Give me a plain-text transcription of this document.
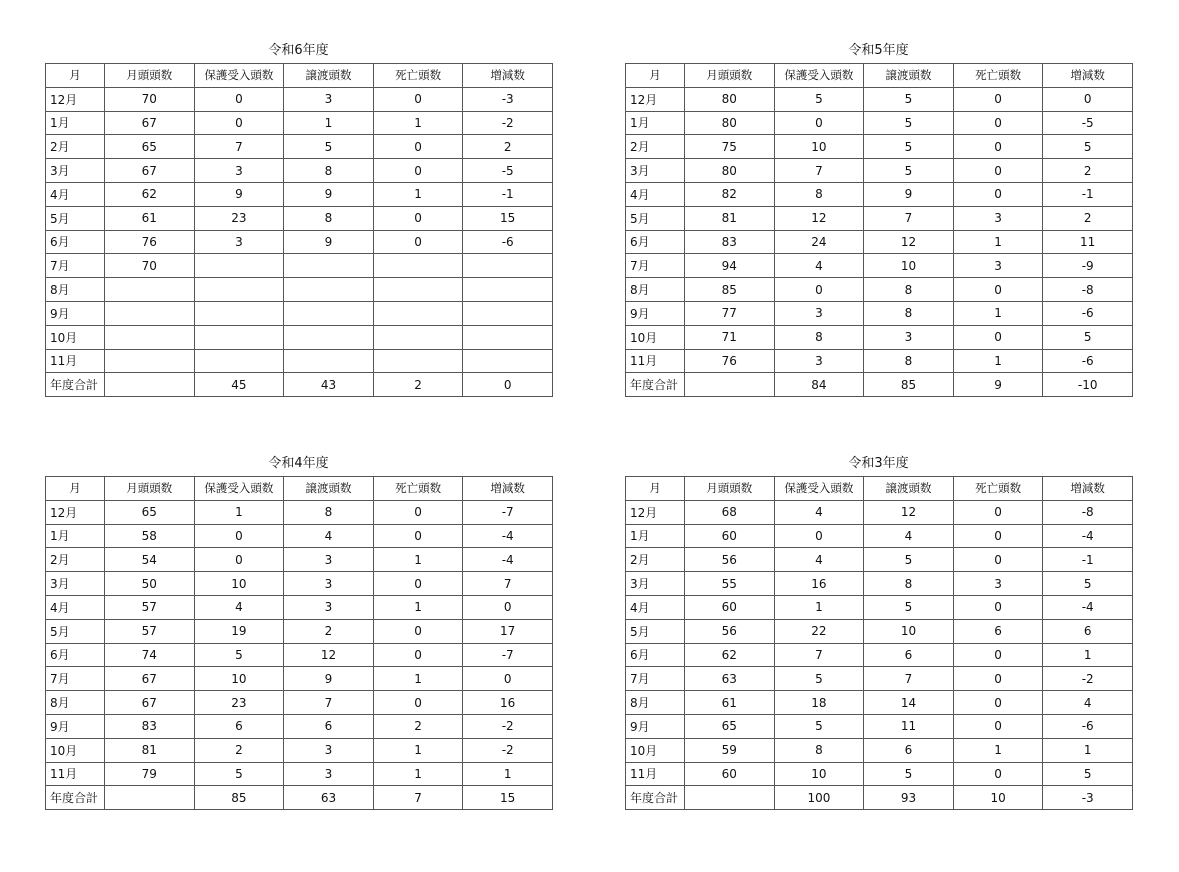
令和6年度
月	月頭頭数	保護受入頭数	譲渡頭数	死亡頭数	増減数
12月	70	0	3	0	-3
1月	67	0	1	1	-2
2月	65	7	5	0	2
3月	67	3	8	0	-5
4月	62	9	9	1	-1
5月	61	23	8	0	15
6月	76	3	9	0	-6
7月	70				
8月					
9月					
10月					
11月					
年度合計		45	43	2	0
令和5年度
月	月頭頭数	保護受入頭数	譲渡頭数	死亡頭数	増減数
12月	80	5	5	0	0
1月	80	0	5	0	-5
2月	75	10	5	0	5
3月	80	7	5	0	2
4月	82	8	9	0	-1
5月	81	12	7	3	2
6月	83	24	12	1	11
7月	94	4	10	3	-9
8月	85	0	8	0	-8
9月	77	3	8	1	-6
10月	71	8	3	0	5
11月	76	3	8	1	-6
年度合計		84	85	9	-10
令和4年度
月	月頭頭数	保護受入頭数	譲渡頭数	死亡頭数	増減数
12月	65	1	8	0	-7
1月	58	0	4	0	-4
2月	54	0	3	1	-4
3月	50	10	3	0	7
4月	57	4	3	1	0
5月	57	19	2	0	17
6月	74	5	12	0	-7
7月	67	10	9	1	0
8月	67	23	7	0	16
9月	83	6	6	2	-2
10月	81	2	3	1	-2
11月	79	5	3	1	1
年度合計		85	63	7	15
令和3年度
月	月頭頭数	保護受入頭数	譲渡頭数	死亡頭数	増減数
12月	68	4	12	0	-8
1月	60	0	4	0	-4
2月	56	4	5	0	-1
3月	55	16	8	3	5
4月	60	1	5	0	-4
5月	56	22	10	6	6
6月	62	7	6	0	1
7月	63	5	7	0	-2
8月	61	18	14	0	4
9月	65	5	11	0	-6
10月	59	8	6	1	1
11月	60	10	5	0	5
年度合計		100	93	10	-3
